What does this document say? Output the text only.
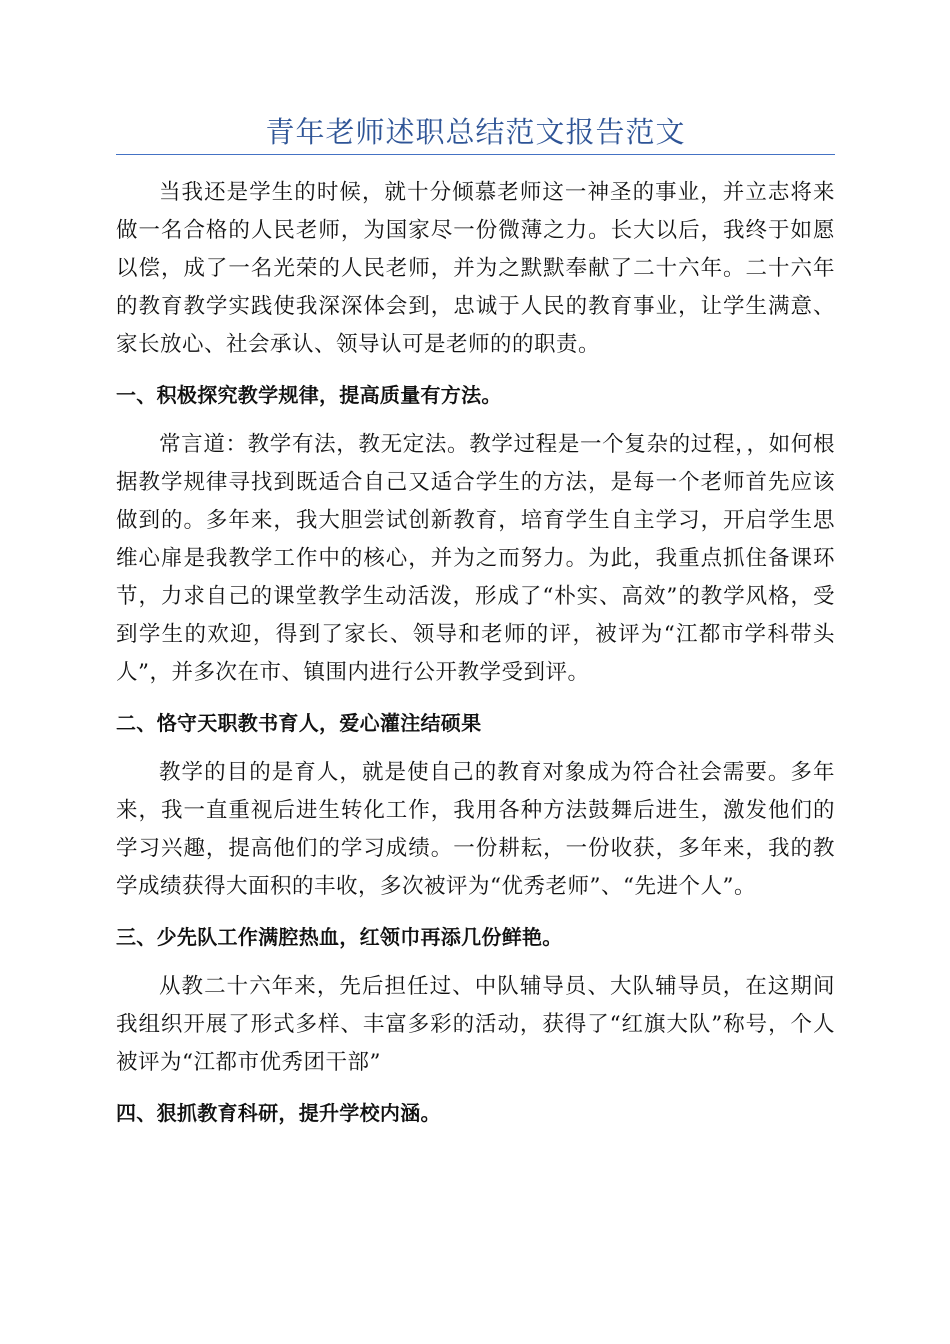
青年老师述职总结范文报告范文

当我还是学生的时候，就十分倾慕老师这一神圣的事业，并立志将来做一名合格的人民老师，为国家尽一份微薄之力。长大以后，我终于如愿以偿，成了一名光荣的人民老师，并为之默默奉献了二十六年。二十六年的教育教学实践使我深深体会到，忠诚于人民的教育事业，让学生满意、家长放心、社会承认、领导认可是老师的的职责。

一、积极探究教学规律，提高质量有方法。

常言道：教学有法，教无定法。教学过程是一个复杂的过程，，如何根据教学规律寻找到既适合自己又适合学生的方法，是每一个老师首先应该做到的。多年来，我大胆尝试创新教育，培育学生自主学习，开启学生思维心扉是我教学工作中的核心，并为之而努力。为此，我重点抓住备课环节，力求自己的课堂教学生动活泼，形成了“朴实、高效”的教学风格，受到学生的欢迎，得到了家长、领导和老师的评，被评为“江都市学科带头人”，并多次在市、镇围内进行公开教学受到评。

二、恪守天职教书育人，爱心灌注结硕果

教学的目的是育人，就是使自己的教育对象成为符合社会需要。多年来，我一直重视后进生转化工作，我用各种方法鼓舞后进生，激发他们的学习兴趣，提高他们的学习成绩。一份耕耘，一份收获，多年来，我的教学成绩获得大面积的丰收，多次被评为“优秀老师”、“先进个人”。

三、少先队工作满腔热血，红领巾再添几份鲜艳。

从教二十六年来，先后担任过、中队辅导员、大队辅导员，在这期间我组织开展了形式多样、丰富多彩的活动，获得了“红旗大队”称号，个人被评为“江都市优秀团干部”

四、狠抓教育科研，提升学校内涵。
